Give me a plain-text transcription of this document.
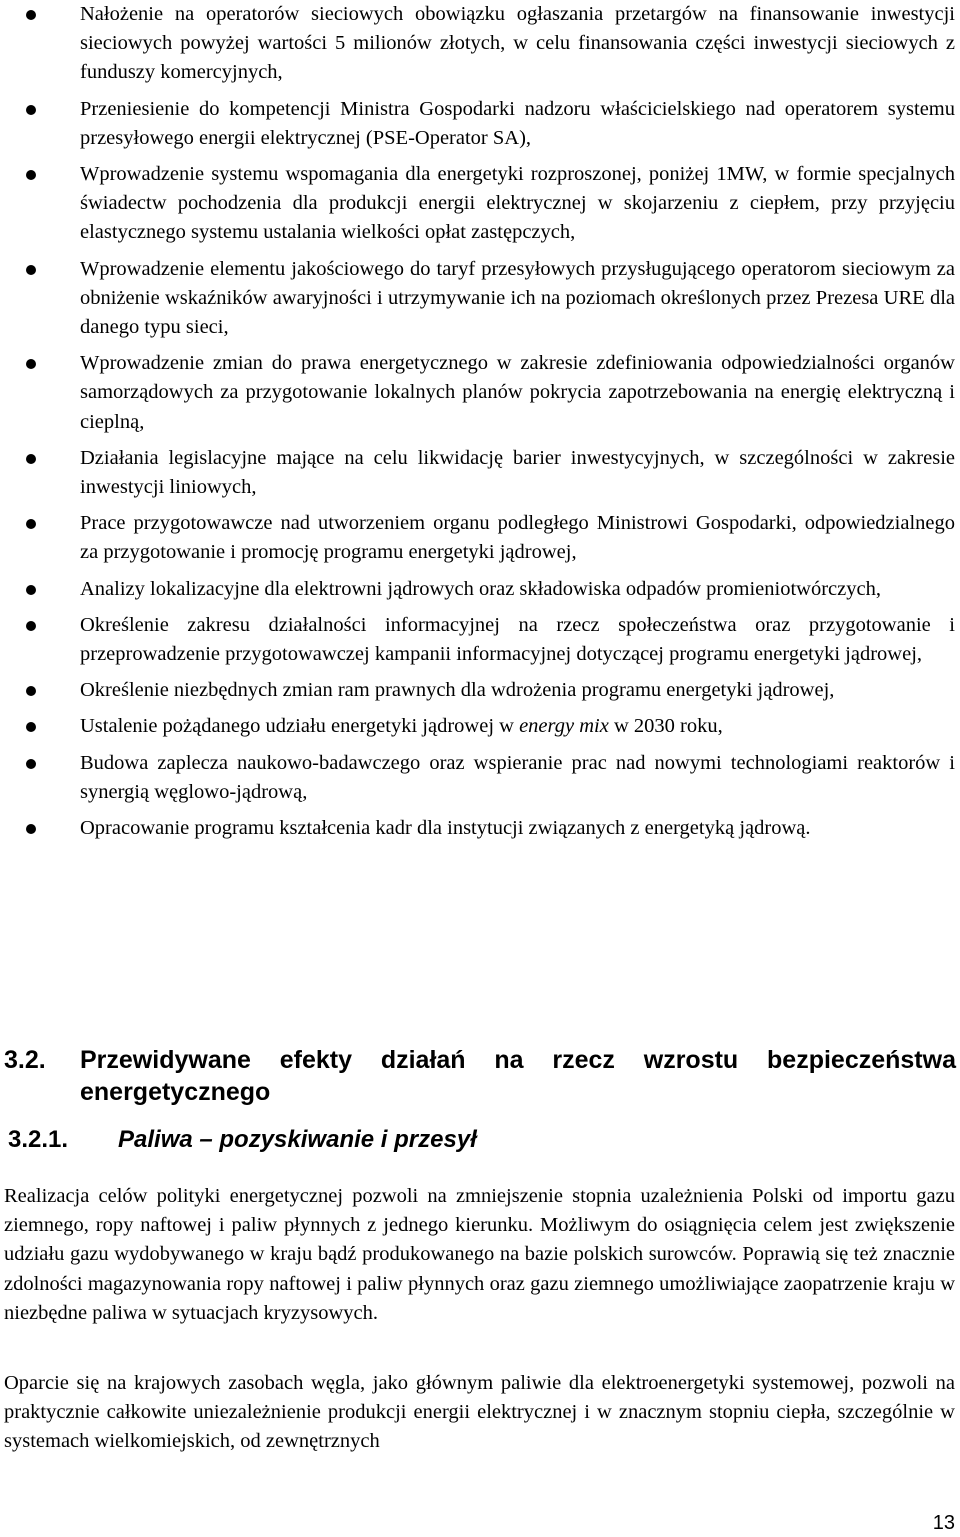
Nałożenie na operatorów sieciowych obowiązku ogłaszania przetargów na finansowanie inwestycji sieciowych powyżej wartości 5 milionów złotych, w celu finansowania części inwestycji sieciowych z funduszy komercyjnych,
Przeniesienie do kompetencji Ministra Gospodarki nadzoru właścicielskiego nad operatorem systemu przesyłowego energii elektrycznej (PSE-Operator SA),
Wprowadzenie systemu wspomagania dla energetyki rozproszonej, poniżej 1MW, w formie specjalnych świadectw pochodzenia dla produkcji energii elektrycznej w skojarzeniu z ciepłem, przy przyjęciu elastycznego systemu ustalania wielkości opłat zastępczych,
Wprowadzenie elementu jakościowego do taryf przesyłowych przysługującego operatorom sieciowym za obniżenie wskaźników awaryjności i utrzymywanie ich na poziomach określonych przez Prezesa URE dla danego typu sieci,
Wprowadzenie zmian do prawa energetycznego w zakresie zdefiniowania odpowiedzialności organów samorządowych za przygotowanie lokalnych planów pokrycia zapotrzebowania na energię elektryczną i cieplną,
Działania legislacyjne mające na celu likwidację barier inwestycyjnych, w szczególności w zakresie inwestycji liniowych,
Prace przygotowawcze nad utworzeniem organu podległego Ministrowi Gospodarki, odpowiedzialnego za przygotowanie i promocję programu energetyki jądrowej,
Analizy lokalizacyjne dla elektrowni jądrowych oraz składowiska odpadów promieniotwórczych,
Określenie zakresu działalności informacyjnej na rzecz społeczeństwa oraz przygotowanie i przeprowadzenie przygotowawczej kampanii informacyjnej dotyczącej programu energetyki jądrowej,
Określenie niezbędnych zmian ram prawnych dla wdrożenia programu energetyki jądrowej,
Ustalenie pożądanego udziału energetyki jądrowej w energy mix w 2030 roku,
Budowa zaplecza naukowo-badawczego oraz wspieranie prac nad nowymi technologiami reaktorów i synergią węglowo-jądrową,
Opracowanie programu kształcenia kadr dla instytucji związanych z energetyką jądrową.
3.2. Przewidywane efekty działań na rzecz wzrostu bezpieczeństwa energetycznego
3.2.1. Paliwa – pozyskiwanie i przesył

Realizacja celów polityki energetycznej pozwoli na zmniejszenie stopnia uzależnienia Polski od importu gazu ziemnego, ropy naftowej i paliw płynnych z jednego kierunku. Możliwym do osiągnięcia celem jest zwiększenie udziału gazu wydobywanego w kraju bądź produkowanego na bazie polskich surowców. Poprawią się też znacznie zdolności magazynowania ropy naftowej i paliw płynnych oraz gazu ziemnego umożliwiające zaopatrzenie kraju w niezbędne paliwa w sytuacjach kryzysowych.

Oparcie się na krajowych zasobach węgla, jako głównym paliwie dla elektroenergetyki systemowej, pozwoli na praktycznie całkowite uniezależnienie produkcji energii elektrycznej i w znacznym stopniu ciepła, szczególnie w systemach wielkomiejskich, od zewnętrznych

13
